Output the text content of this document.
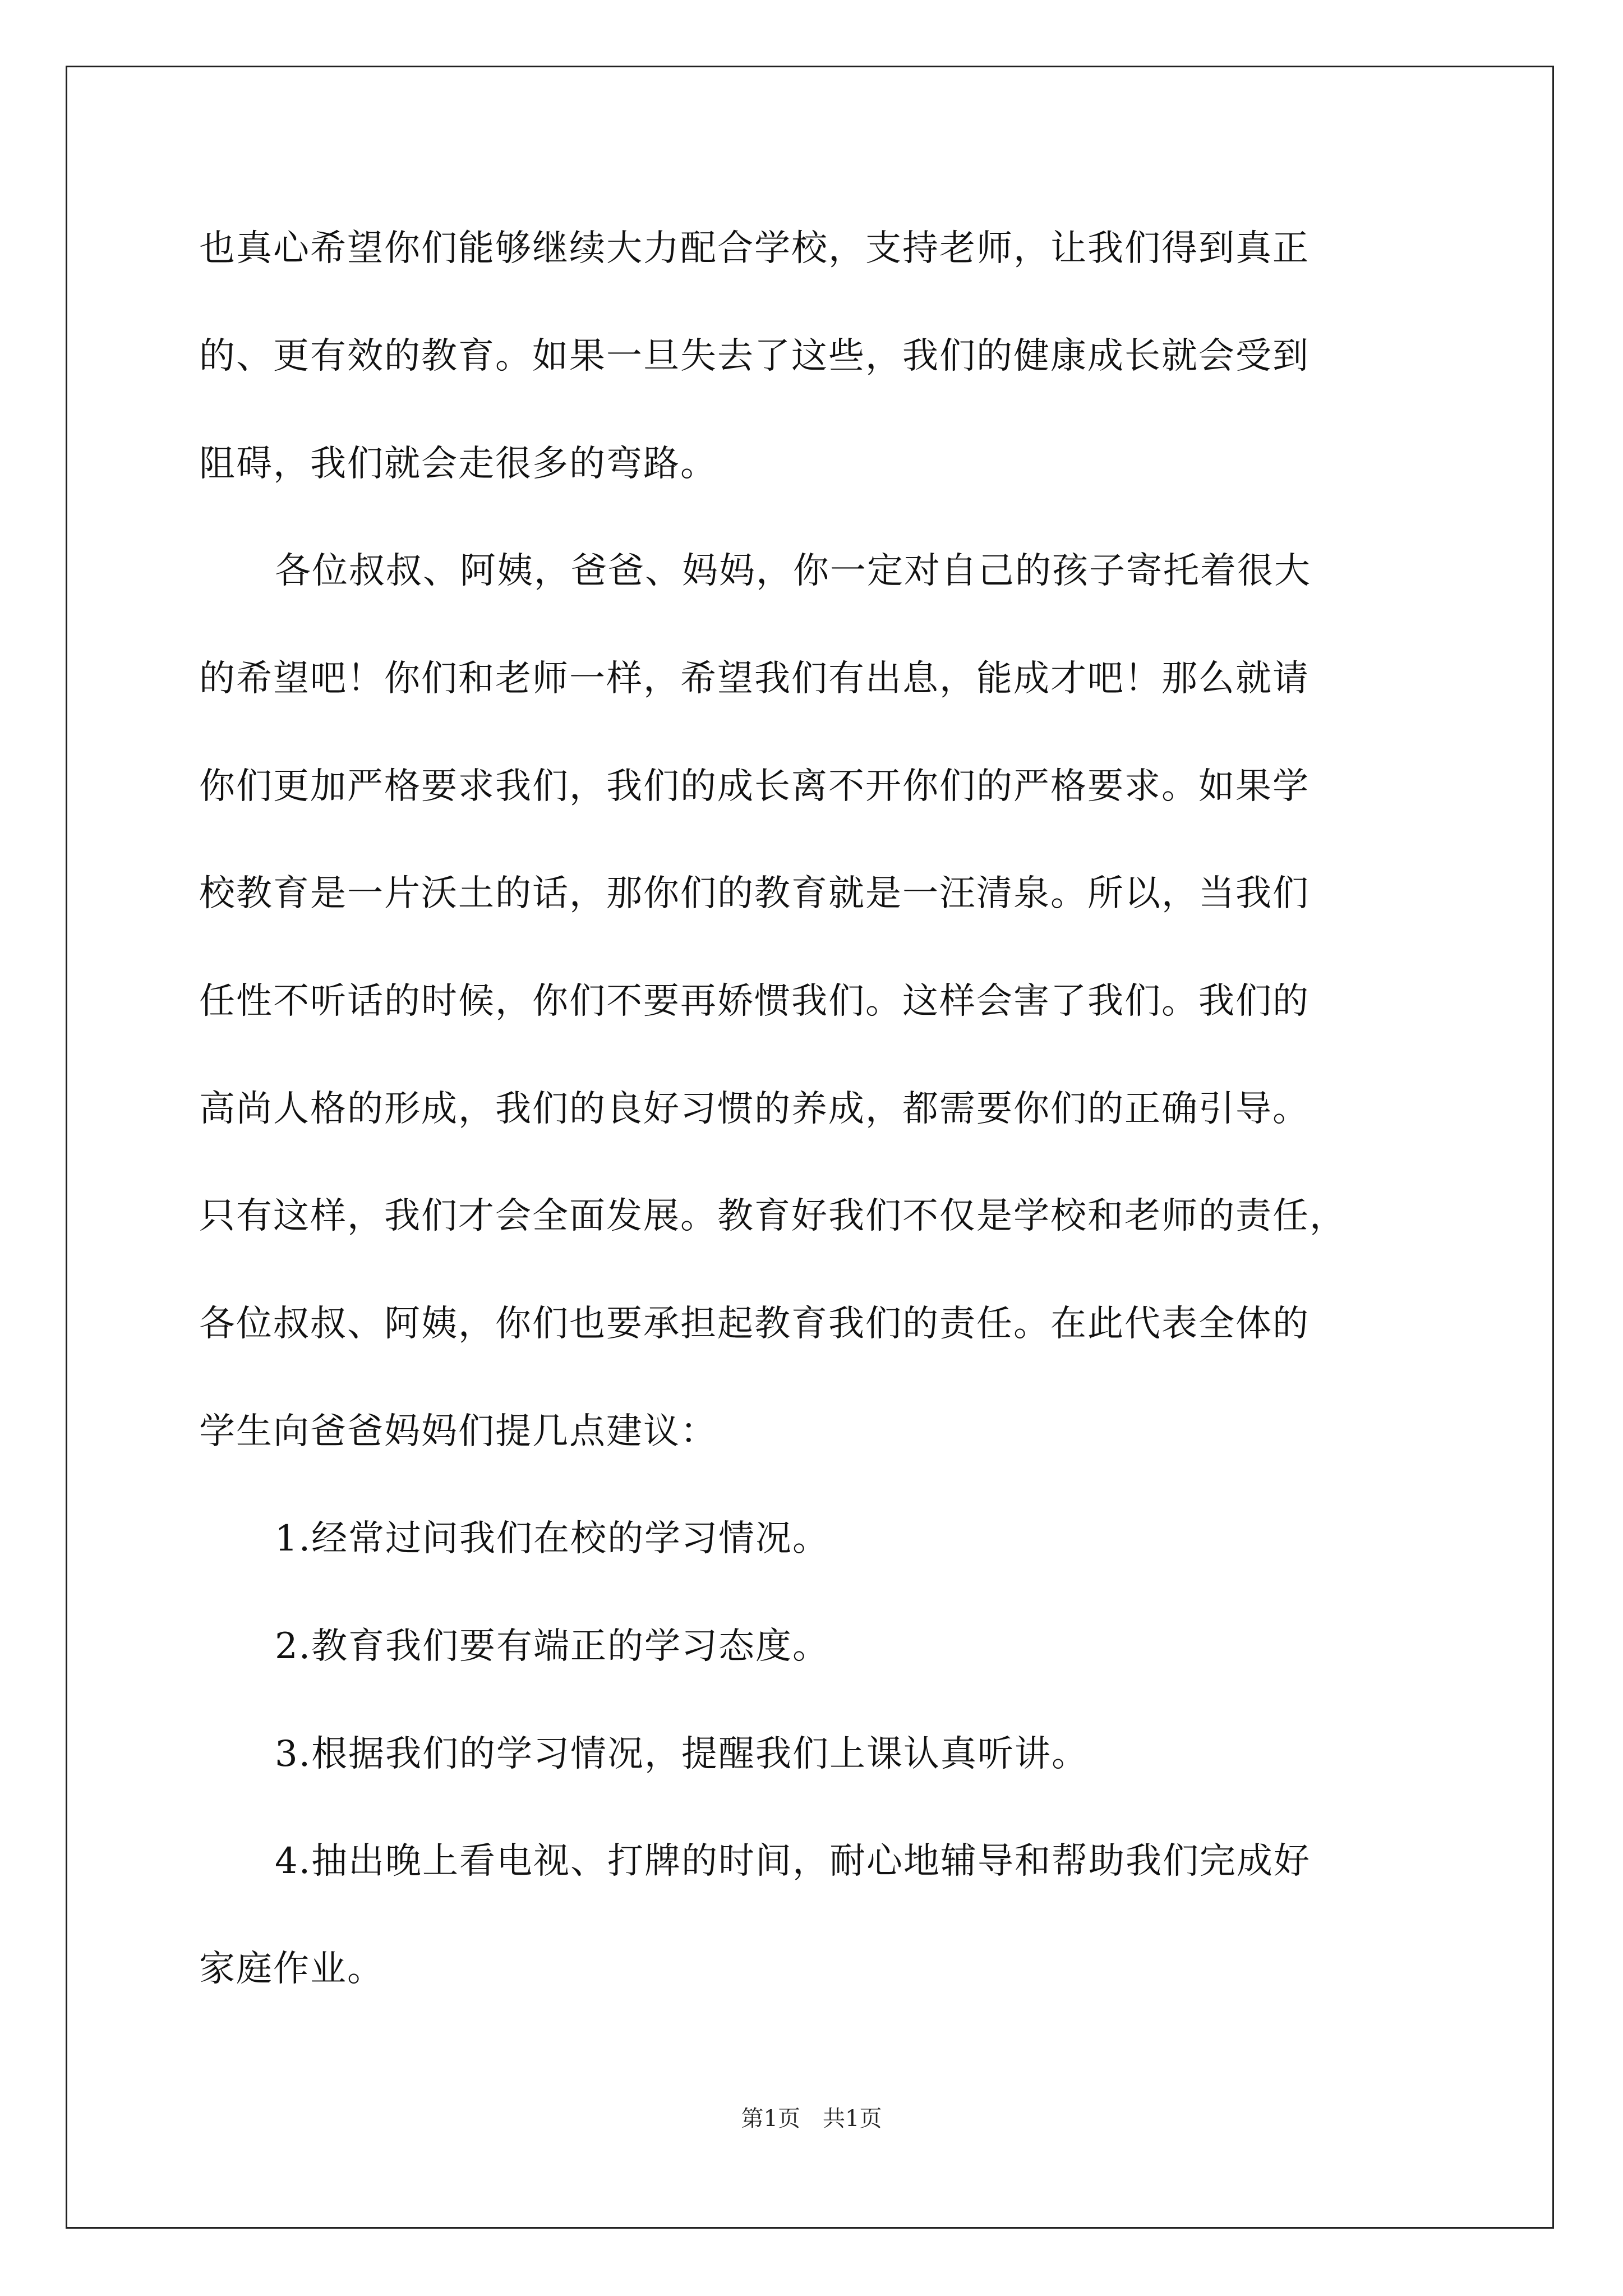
也真心希望你们能够继续大力配合学校，支持老师，让我们得到真正
的、更有效的教育。如果一旦失去了这些，我们的健康成长就会受到
阻碍，我们就会走很多的弯路。
各位叔叔、阿姨，爸爸、妈妈，你一定对自己的孩子寄托着很大
的希望吧！你们和老师一样，希望我们有出息，能成才吧！那么就请
你们更加严格要求我们，我们的成长离不开你们的严格要求。如果学
校教育是一片沃土的话，那你们的教育就是一汪清泉。所以，当我们
任性不听话的时候，你们不要再娇惯我们。这样会害了我们。我们的
高尚人格的形成，我们的良好习惯的养成，都需要你们的正确引导。
只有这样，我们才会全面发展。教育好我们不仅是学校和老师的责任，
各位叔叔、阿姨，你们也要承担起教育我们的责任。在此代表全体的
学生向爸爸妈妈们提几点建议：
1.经常过问我们在校的学习情况。
2.教育我们要有端正的学习态度。
3.根据我们的学习情况，提醒我们上课认真听讲。
4.抽出晚上看电视、打牌的时间，耐心地辅导和帮助我们完成好
家庭作业。
第1页 共1页
